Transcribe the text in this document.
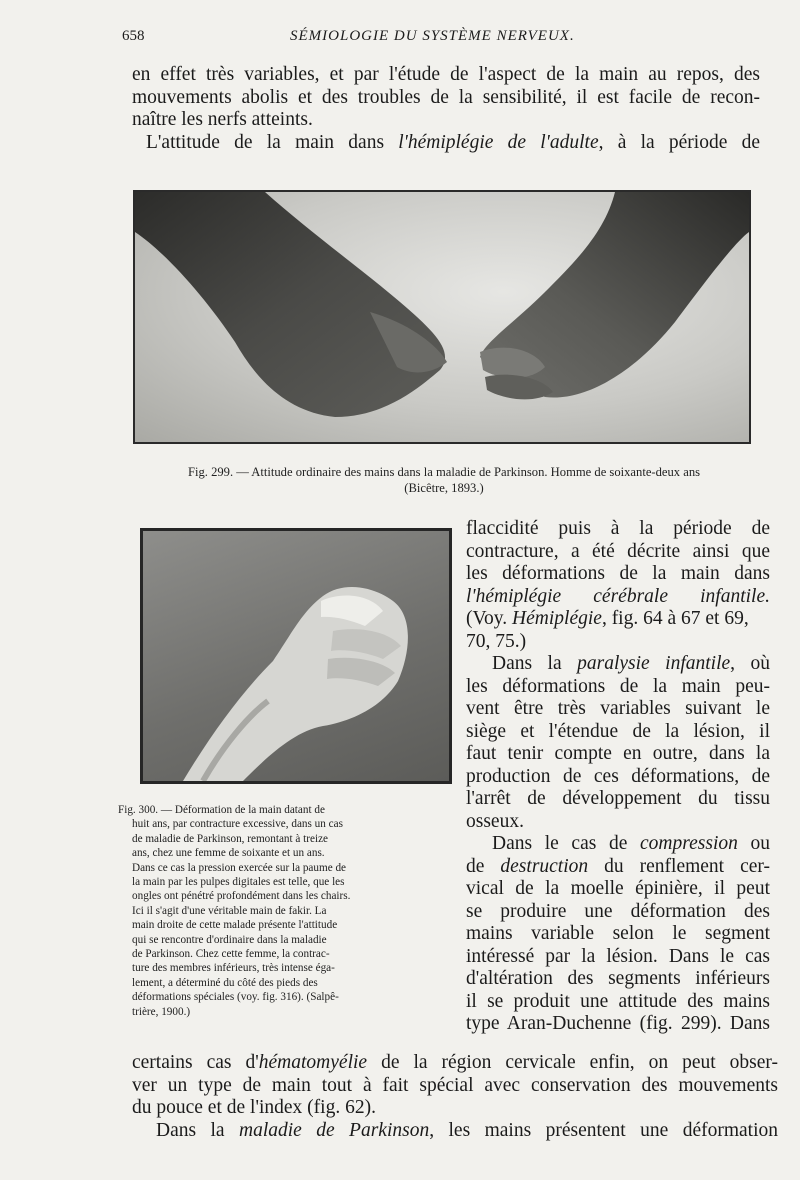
658	SÉMIOLOGIE DU SYSTÈME NERVEUX.
en effet très variables, et par l'étude de l'aspect de la main au repos, des
mouvements abolis et des troubles de la sensibilité, il est facile de recon-
naître les nerfs atteints.
L'attitude de la main dans l'hémiplégie de l'adulte, à la période de
Fig. 299. — Attitude ordinaire des mains dans la maladie de Parkinson. Homme de soixante-deux ans
(Bicêtre, 1893.)
Fig. 300. — Déformation de la main datant de
huit ans, par contracture excessive, dans un cas
de maladie de Parkinson, remontant à treize
ans, chez une femme de soixante et un ans.
Dans ce cas la pression exercée sur la paume de
la main par les pulpes digitales est telle, que les
ongles ont pénétré profondément dans les chairs.
Ici il s'agit d'une véritable main de fakir. La
main droite de cette malade présente l'attitude
qui se rencontre d'ordinaire dans la maladie
de Parkinson. Chez cette femme, la contrac-
ture des membres inférieurs, très intense éga-
lement, a déterminé du côté des pieds des
déformations spéciales (voy. fig. 316). (Salpê-
trière, 1900.)
flaccidité puis à la période de
contracture, a été décrite ainsi que
les déformations de la main dans
l'hémiplégie cérébrale infantile.
(Voy. Hémiplégie, fig. 64 à 67 et 69,
70, 75.)
Dans la paralysie infantile, où
les déformations de la main peu-
vent être très variables suivant le
siège et l'étendue de la lésion, il
faut tenir compte en outre, dans la
production de ces déformations, de
l'arrêt de développement du tissu
osseux.
Dans le cas de compression ou
de destruction du renflement cer-
vical de la moelle épinière, il peut
se produire une déformation des
mains variable selon le segment
intéressé par la lésion. Dans le cas
d'altération des segments inférieurs
il se produit une attitude des mains
type Aran-Duchenne (fig. 299). Dans
certains cas d'hématomyélie de la région cervicale enfin, on peut obser-
ver un type de main tout à fait spécial avec conservation des mouvements
du pouce et de l'index (fig. 62).
Dans la maladie de Parkinson, les mains présentent une déformation
